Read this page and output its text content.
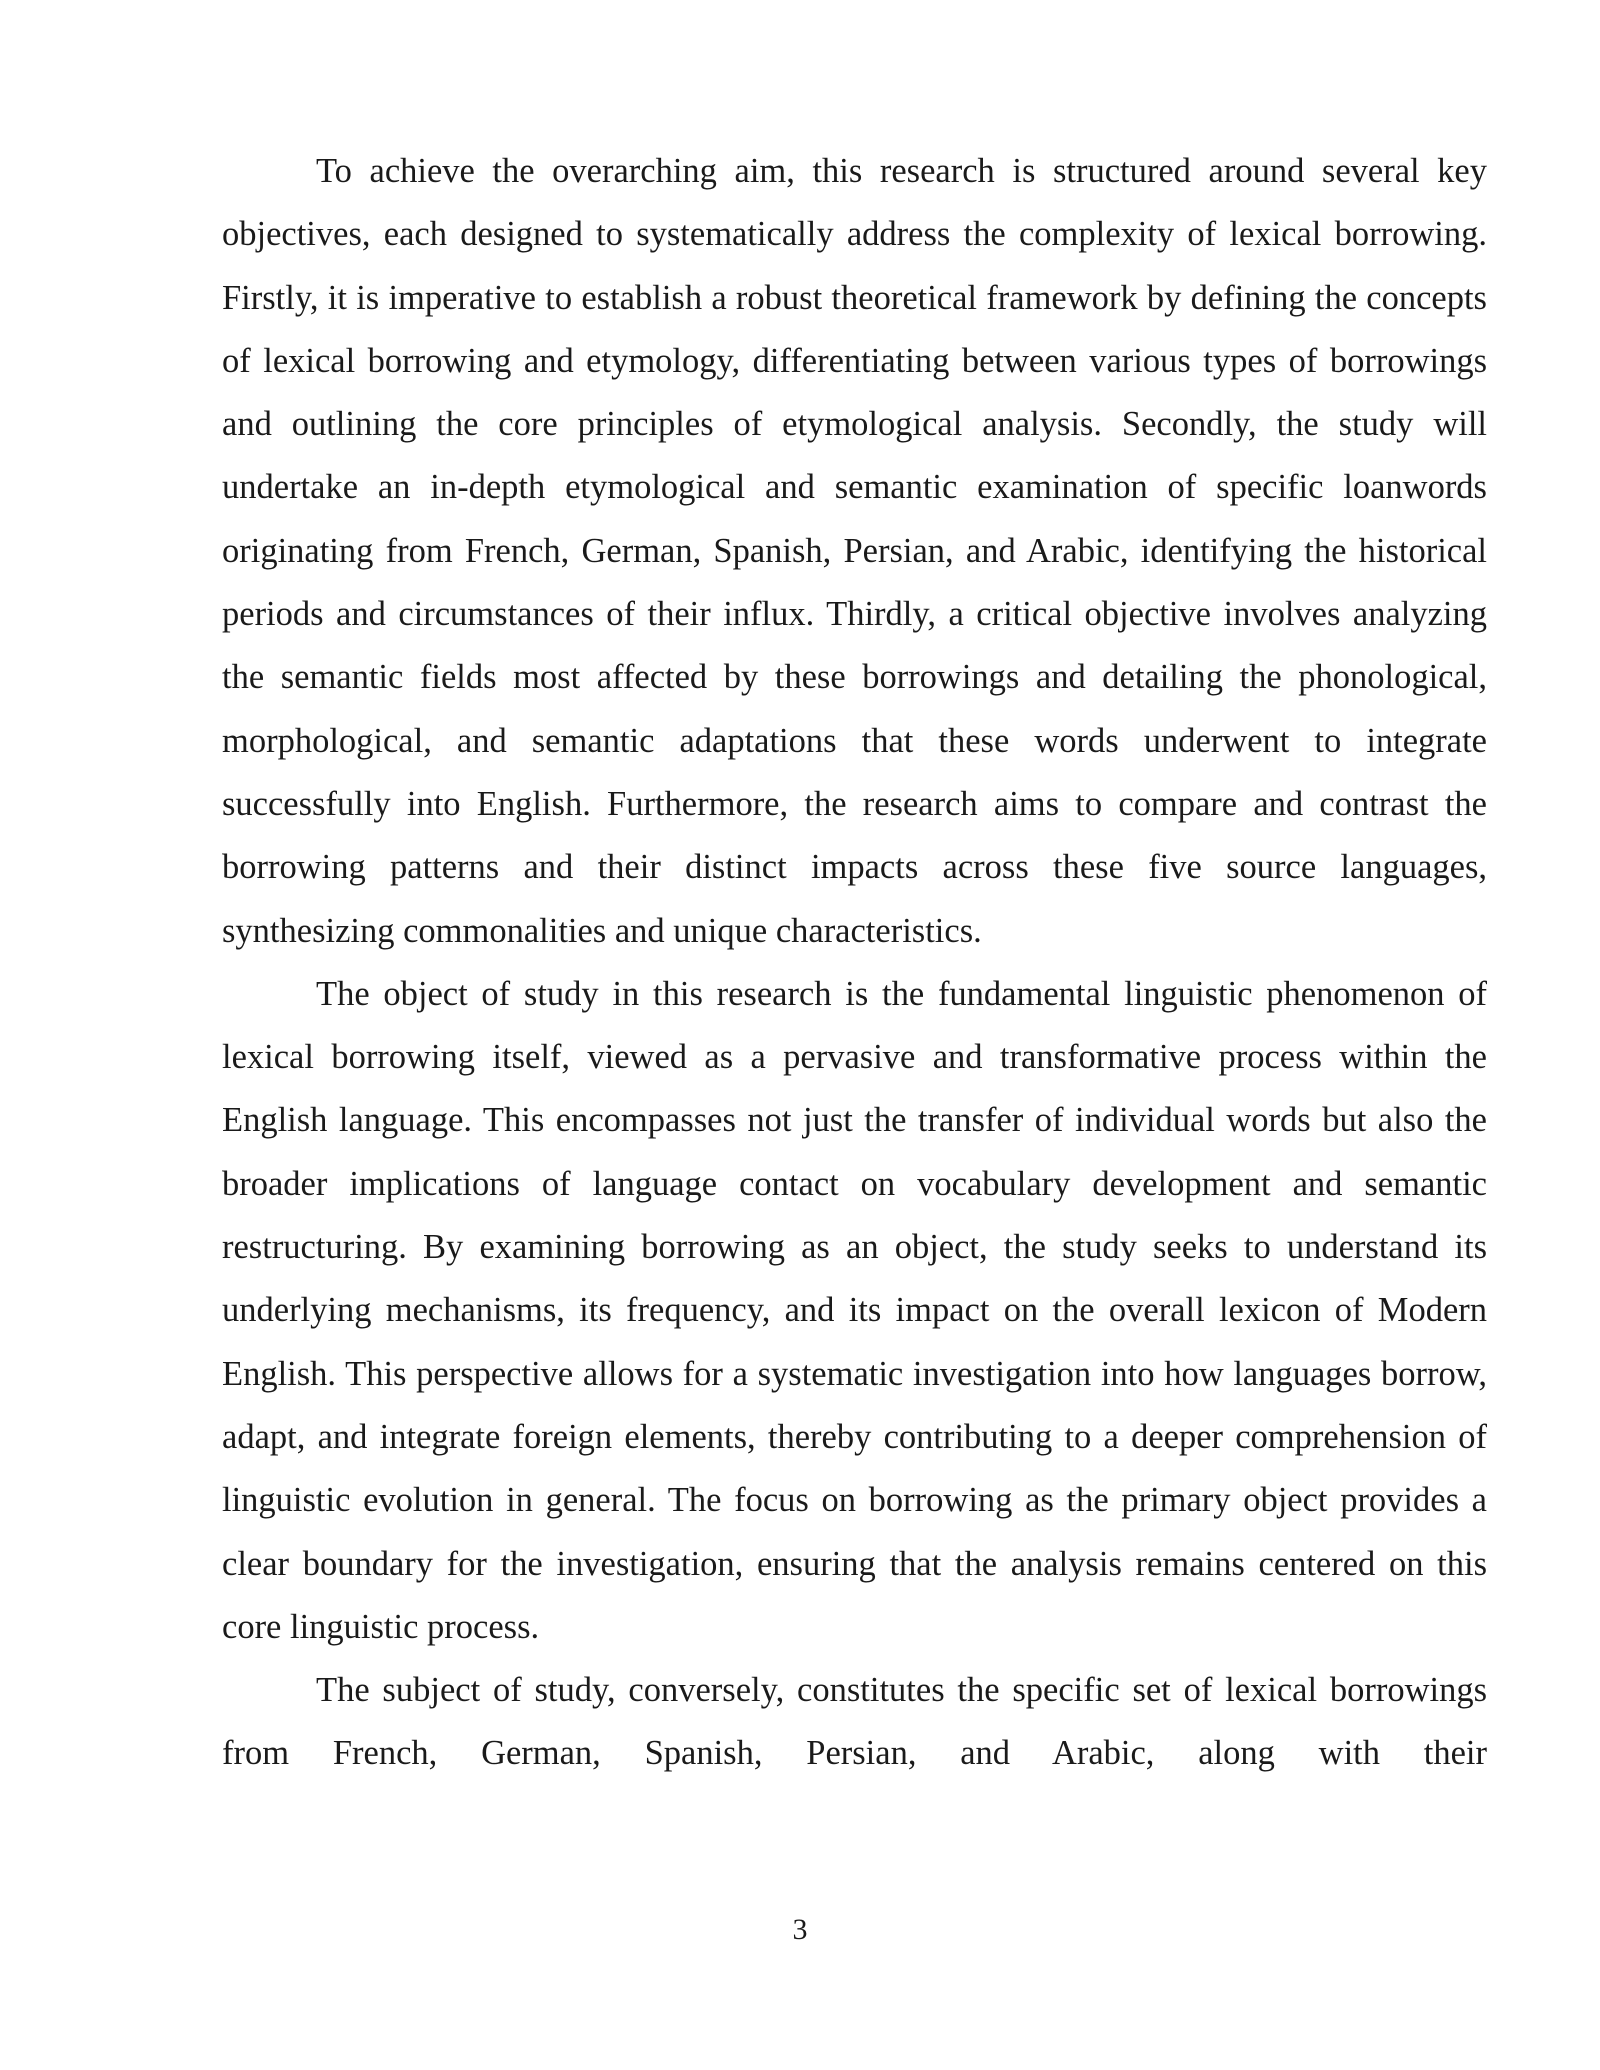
To achieve the overarching aim, this research is structured around several key objectives, each designed to systematically address the complexity of lexical borrowing. Firstly, it is imperative to establish a robust theoretical framework by defining the concepts of lexical borrowing and etymology, differentiating between various types of borrowings and outlining the core principles of etymological analysis. Secondly, the study will undertake an in-depth etymological and semantic examination of specific loanwords originating from French, German, Spanish, Persian, and Arabic, identifying the historical periods and circumstances of their influx. Thirdly, a critical objective involves analyzing the semantic fields most affected by these borrowings and detailing the phonological, morphological, and semantic adaptations that these words underwent to integrate successfully into English. Furthermore, the research aims to compare and contrast the borrowing patterns and their distinct impacts across these five source languages, synthesizing commonalities and unique characteristics.

The object of study in this research is the fundamental linguistic phenomenon of lexical borrowing itself, viewed as a pervasive and transformative process within the English language. This encompasses not just the transfer of individual words but also the broader implications of language contact on vocabulary development and semantic restructuring. By examining borrowing as an object, the study seeks to understand its underlying mechanisms, its frequency, and its impact on the overall lexicon of Modern English. This perspective allows for a systematic investigation into how languages borrow, adapt, and integrate foreign elements, thereby contributing to a deeper comprehension of linguistic evolution in general. The focus on borrowing as the primary object provides a clear boundary for the investigation, ensuring that the analysis remains centered on this core linguistic process.

The subject of study, conversely, constitutes the specific set of lexical borrowings from French, German, Spanish, Persian, and Arabic, along with their

3
